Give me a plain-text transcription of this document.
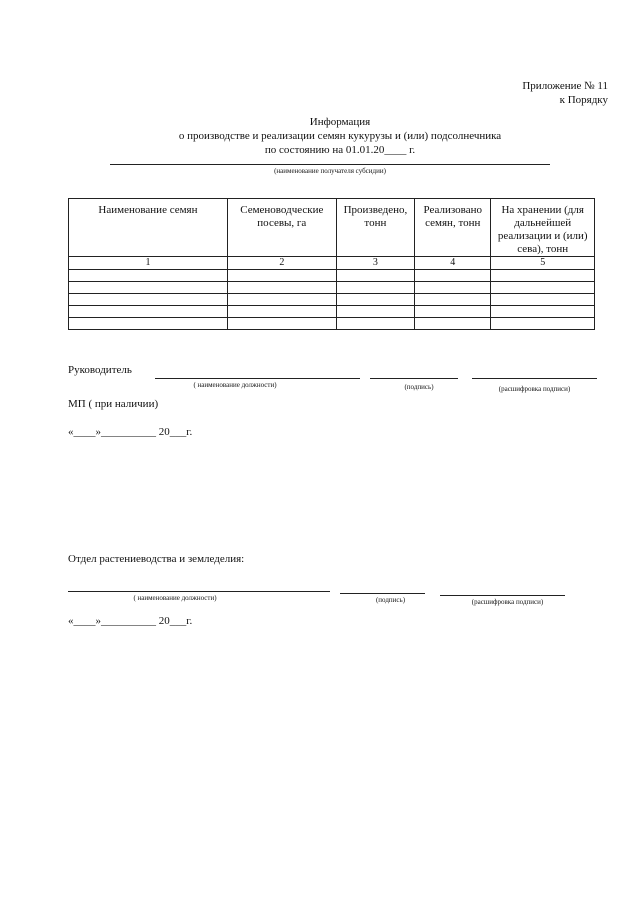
Приложение № 11
к Порядку
Информация
о производстве и реализации семян кукурузы и (или) подсолнечника
по состоянию на 01.01.20____ г.
(наименование получателя субсидии)
Наименование семян	Семеноводческие посевы, га	Произведено, тонн	Реализовано семян, тонн	На хранении (для дальнейшей реализации и (или) сева), тонн
1	2	3	4	5

Руководитель
( наименование должности)	(подпись)	(расшифровка подписи)
МП ( при наличии)
«____»__________ 20___г.
Отдел растениеводства и земледелия:
( наименование должности)	(подпись)	(расшифровка подписи)
«____»__________ 20___г.
